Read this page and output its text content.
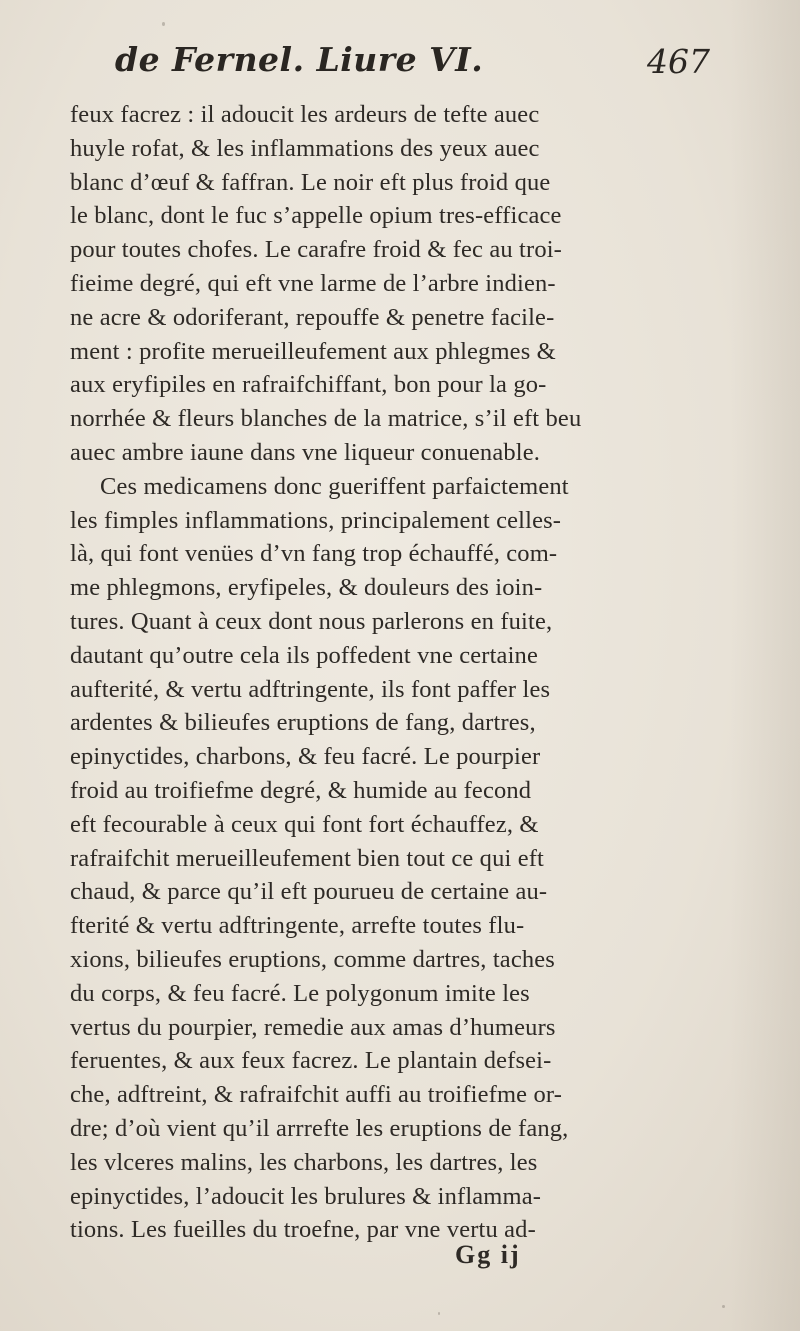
de Fernel. Liure VI.	467
feux facrez : il adoucit les ardeurs de tefte auec
huyle rofat, & les inflammations des yeux auec
blanc d’œuf & faffran. Le noir eft plus froid que
le blanc, dont le fuc s’appelle opium tres-efficace
pour toutes chofes. Le carafre froid & fec au troi-
fieime degré, qui eft vne larme de l’arbre indien-
ne acre & odoriferant, repouffe & penetre facile-
ment : profite merueilleufement aux phlegmes &
aux eryfipiles en rafraifchiffant, bon pour la go-
norrhée & fleurs blanches de la matrice, s’il eft beu
auec ambre iaune dans vne liqueur conuenable.
Ces medicamens donc gueriffent parfaictement
les fimples inflammations, principalement celles-
là, qui font venües d’vn fang trop échauffé, com-
me phlegmons, eryfipeles, & douleurs des ioin-
tures. Quant à ceux dont nous parlerons en fuite,
dautant qu’outre cela ils poffedent vne certaine
aufterité, & vertu adftringente, ils font paffer les
ardentes & bilieufes eruptions de fang, dartres,
epinyctides, charbons, & feu facré. Le pourpier
froid au troifiefme degré, & humide au fecond
eft fecourable à ceux qui font fort échauffez, &
rafraifchit merueilleufement bien tout ce qui eft
chaud, & parce qu’il eft pourueu de certaine au-
fterité & vertu adftringente, arrefte toutes flu-
xions, bilieufes eruptions, comme dartres, taches
du corps, & feu facré. Le polygonum imite les
vertus du pourpier, remedie aux amas d’humeurs
feruentes, & aux feux facrez. Le plantain defsei-
che, adftreint, & rafraifchit auffi au troifiefme or-
dre; d’où vient qu’il arrrefte les eruptions de fang,
les vlceres malins, les charbons, les dartres, les
epinyctides, l’adoucit les brulures & inflamma-
tions. Les fueilles du troefne, par vne vertu ad-
Gg ij
